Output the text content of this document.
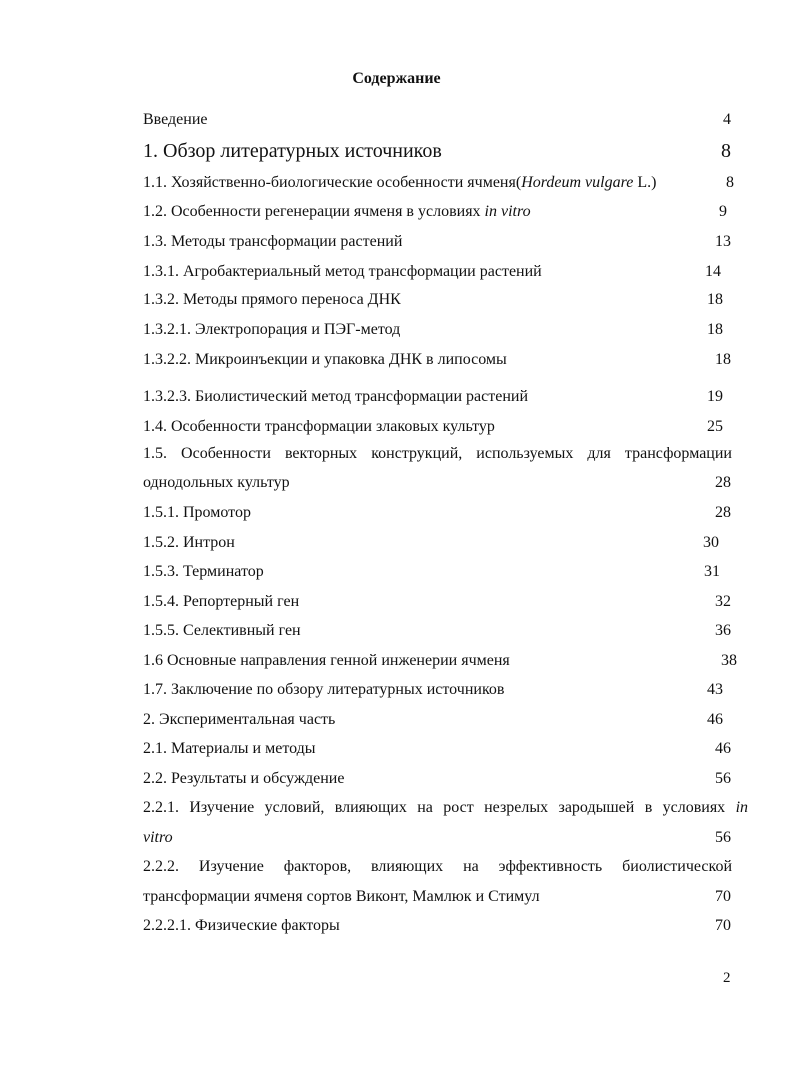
Содержание
Введение	4
1. Обзор литературных источников	8
1.1. Хозяйственно-биологические особенности ячменя(Hordeum vulgare L.)	8
1.2. Особенности регенерации ячменя в условиях in vitro	9
1.3. Методы трансформации растений	13
1.3.1. Агробактериальный метод трансформации растений	14
1.3.2. Методы прямого переноса ДНК	18
1.3.2.1. Электропорация и ПЭГ-метод	18
1.3.2.2. Микроинъекции и упаковка ДНК в липосомы	18
1.3.2.3. Биолистический метод трансформации растений	19
1.4. Особенности трансформации злаковых культур	25
1.5. Особенности векторных конструкций, используемых для трансформации
однодольных культур	28
1.5.1. Промотор	28
1.5.2. Интрон	30
1.5.3. Терминатор	31
1.5.4. Репортерный ген	32
1.5.5. Селективный ген	36
1.6 Основные направления генной инженерии ячменя	38
1.7. Заключение по обзору литературных источников	43
2. Экспериментальная часть	46
2.1. Материалы и методы	46
2.2. Результаты и обсуждение	56
2.2.1. Изучение условий, влияющих на рост незрелых зародышей в условиях in
vitro	56
2.2.2. Изучение факторов, влияющих на эффективность биолистической
трансформации ячменя сортов Виконт, Мамлюк и Стимул	70
2.2.2.1. Физические факторы	70
2
